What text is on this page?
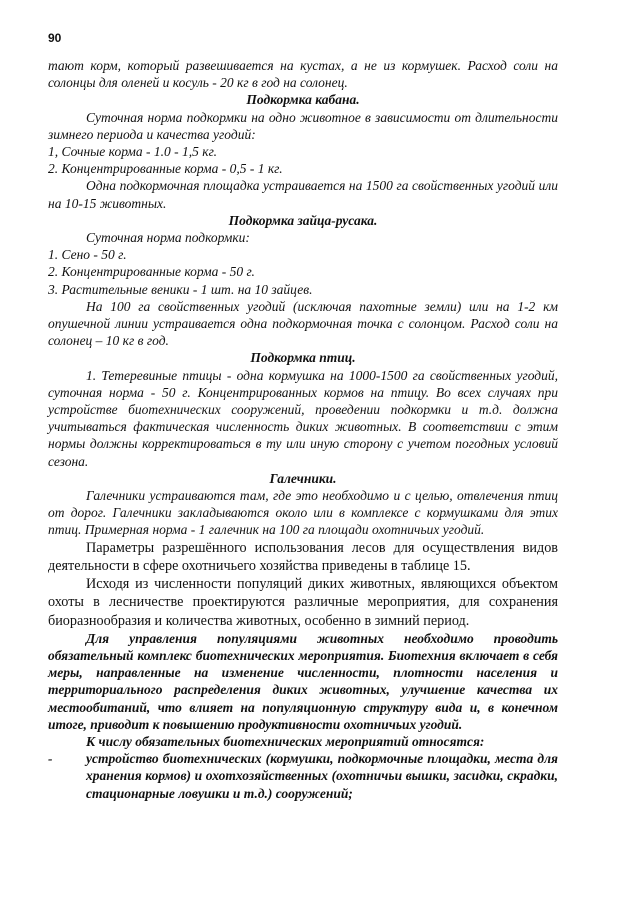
90

тают корм, который развешивается на кустах, а не из кормушек. Расход соли на солонцы для оленей и косуль - 20 кг в год на солонец.

Подкормка кабана.

Суточная норма подкормки на одно животное в зависимости от длительности зимнего периода и качества угодий:

1, Сочные корма - 1.0 - 1,5 кг.

2. Концентрированные корма - 0,5 - 1 кг.

Одна подкормочная площадка устраивается на 1500 га свойственных угодий или на 10-15 животных.

Подкормка зайца-русака.

Суточная норма подкормки:

1. Сено - 50 г.

2. Концентрированные корма - 50 г.

3. Растительные веники - 1 шт. на 10 зайцев.

На 100 га свойственных угодий (исключая пахотные земли) или на 1-2 км опушечной линии устраивается одна подкормочная точка с солонцом. Расход соли на солонец – 10 кг в год.

Подкормка птиц.

1. Тетеревиные птицы - одна кормушка на 1000-1500 га свойственных угодий, суточная норма - 50 г. Концентрированных кормов на птицу. Во всех случаях при устройстве биотехнических сооружений, проведении подкормки и т.д. должна учитываться фактическая численность диких животных. В соответствии с этим нормы должны корректироваться в ту или иную сторону с учетом погодных условий сезона.

Галечники.

Галечники устраиваются там, где это необходимо и с целью, отвлечения птиц от дорог. Галечники закладываются около или в комплексе с кормушками для этих птиц. Примерная норма - 1 галечник на 100 га площади охотничьих угодий.

Параметры разрешённого использования лесов для осуществления видов деятельности в сфере охотничьего хозяйства приведены в таблице 15.

Исходя из численности популяций диких животных, являющихся объектом охоты в лесничестве проектируются различные мероприятия, для сохранения биоразнообразия и количества животных, особенно в зимний период.

Для управления популяциями животных необходимо проводить обязательный комплекс биотехнических мероприятия. Биотехния включает в себя меры, направленные на изменение численности, плотности населения и территориального распределения диких животных, улучшение качества их местообитаний, что влияет на популяционную структуру вида и, в конечном итоге, приводит к повышению продуктивности охотничьих угодий.

К числу обязательных биотехнических мероприятий относятся:

-	устройство биотехнических (кормушки, подкормочные площадки, места для хранения кормов) и охотхозяйственных (охотничьи вышки, засидки, скрадки, стационарные ловушки и т.д.) сооружений;
